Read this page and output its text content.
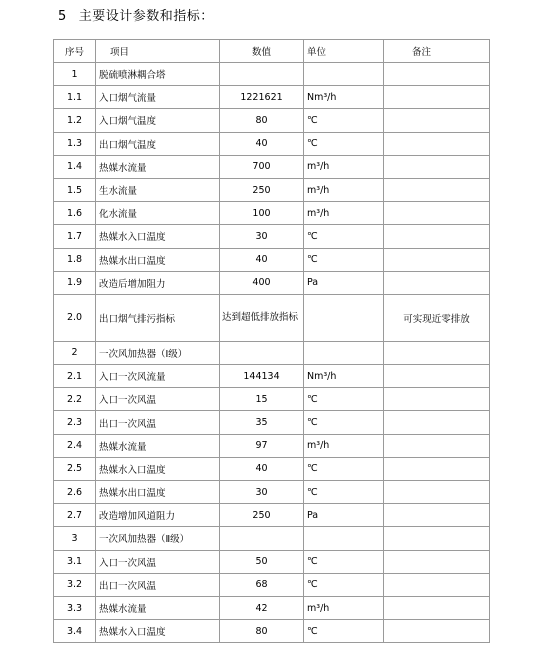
5 主要设计参数和指标：
序号	项目	数值	单位	备注
1	脱硫喷淋耦合塔			
1.1	入口烟气流量	1221621	Nm³/h	
1.2	入口烟气温度	80	℃	
1.3	出口烟气温度	40	℃	
1.4	热媒水流量	700	m³/h	
1.5	生水流量	250	m³/h	
1.6	化水流量	100	m³/h	
1.7	热媒水入口温度	30	℃	
1.8	热媒水出口温度	40	℃	
1.9	改造后增加阻力	400	Pa	
2.0	出口烟气排污指标	达到超低排放指标		可实现近零排放
2	一次风加热器（Ⅰ级）			
2.1	入口一次风流量	144134	Nm³/h	
2.2	入口一次风温	15	℃	
2.3	出口一次风温	35	℃	
2.4	热媒水流量	97	m³/h	
2.5	热媒水入口温度	40	℃	
2.6	热媒水出口温度	30	℃	
2.7	改造增加风道阻力	250	Pa	
3	一次风加热器（Ⅱ级）			
3.1	入口一次风温	50	℃	
3.2	出口一次风温	68	℃	
3.3	热媒水流量	42	m³/h	
3.4	热媒水入口温度	80	℃	
